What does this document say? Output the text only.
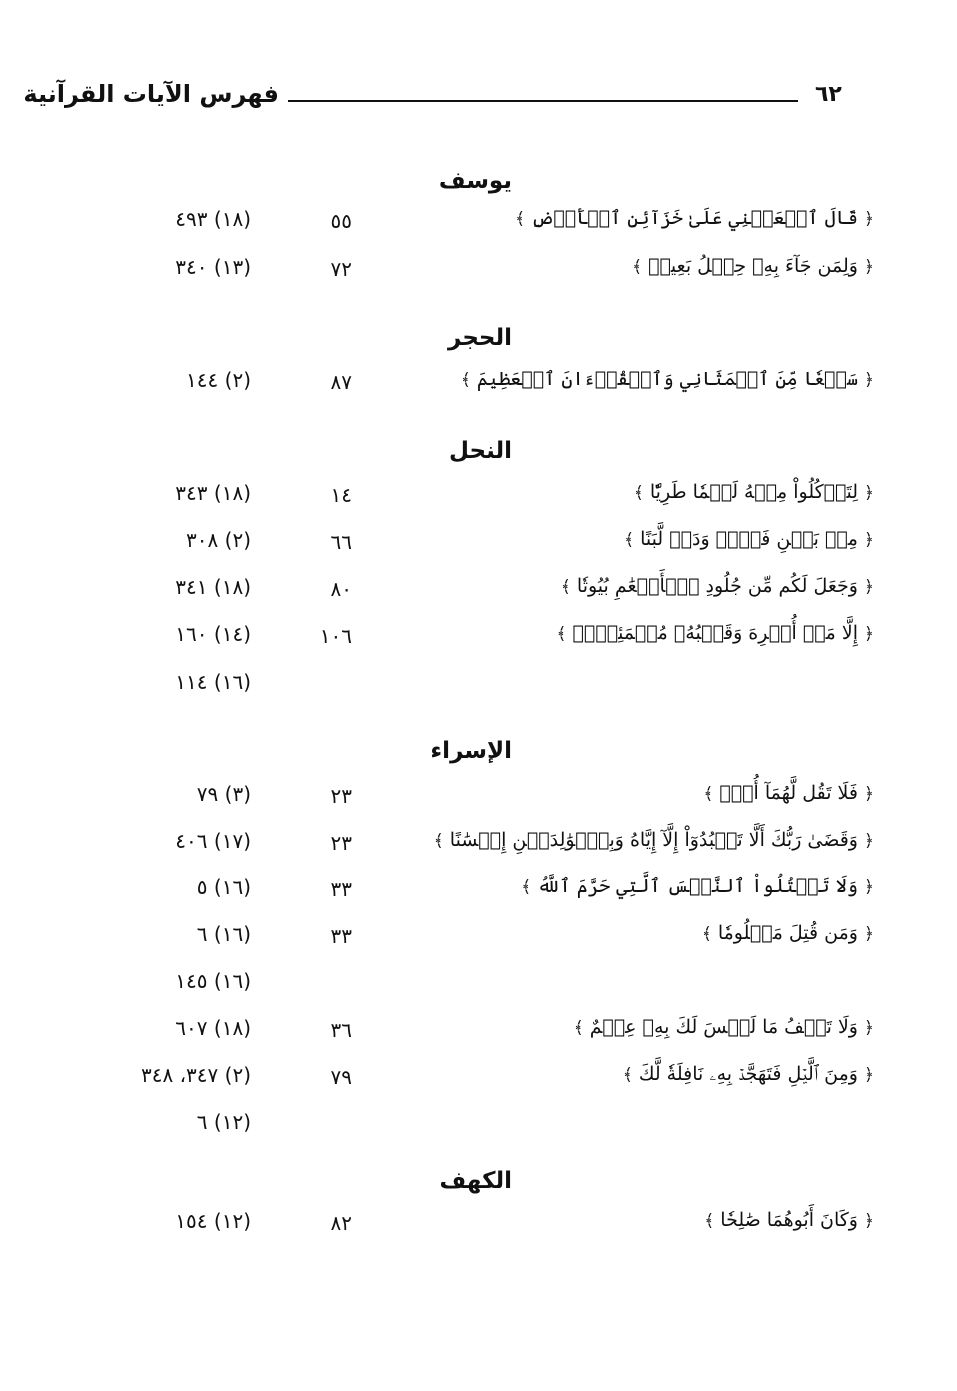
فهرس الآيات القرآنية	٦٢
يوسف
﴿ قَالَ ٱجۡعَلۡنِي عَلَىٰ خَزَآئِنِ ٱلۡأَرۡضِ ﴾
٥٥
(١٨) ٤٩٣
﴿ وَلِمَن جَآءَ بِهِۦ حِمۡلُ بَعِيرٖ ﴾
٧٢
(١٣) ٣٤٠
الحجر
﴿ سَبۡعٗا مِّنَ ٱلۡمَثَانِي وَٱلۡقُرۡءَانَ ٱلۡعَظِيمَ ﴾
٨٧
(٢) ١٤٤
النحل
﴿ لِتَأۡكُلُواْ مِنۡهُ لَحۡمٗا طَرِيّٗا ﴾
١٤
(١٨) ٣٤٣
﴿ مِنۢ بَيۡنِ فَرۡثٖ وَدَمٖ لَّبَنًا ﴾
٦٦
(٢) ٣٠٨
﴿ وَجَعَلَ لَكُم مِّن جُلُودِ ٱلۡأَنۡعَٰمِ بُيُوتٗا ﴾
٨٠
(١٨) ٣٤١
﴿ إِلَّا مَنۡ أُكۡرِهَ وَقَلۡبُهُۥ مُطۡمَئِنُّۢ ﴾
١٠٦
(١٤) ١٦٠
(١٦) ١١٤
الإسراء
﴿ فَلَا تَقُل لَّهُمَآ أُفّٖ ﴾
٢٣
(٣) ٧٩
﴿ وَقَضَىٰ رَبُّكَ أَلَّا تَعۡبُدُوٓاْ إِلَّآ إِيَّاهُ وَبِٱلۡوَٰلِدَيۡنِ إِحۡسَٰنًا ﴾
٢٣
(١٧) ٤٠٦
﴿ وَلَا تَقۡتُلُواْ ٱلنَّفۡسَ ٱلَّتِي حَرَّمَ ٱللَّهُ ﴾
٣٣
(١٦) ٥
﴿ وَمَن قُتِلَ مَظۡلُومٗا ﴾
٣٣
(١٦) ٦
(١٦) ١٤٥
﴿ وَلَا تَقۡفُ مَا لَيۡسَ لَكَ بِهِۦ عِلۡمٌ ﴾
٣٦
(١٨) ٦٠٧
﴿ وَمِنَ ٱلَّيۡلِ فَتَهَجَّدۡ بِهِۦ نَافِلَةٗ لَّكَ ﴾
٧٩
(٢) ٣٤٧، ٣٤٨
(١٢) ٦
الكهف
﴿ وَكَانَ أَبُوهُمَا صَٰلِحٗا ﴾
٨٢
(١٢) ١٥٤
